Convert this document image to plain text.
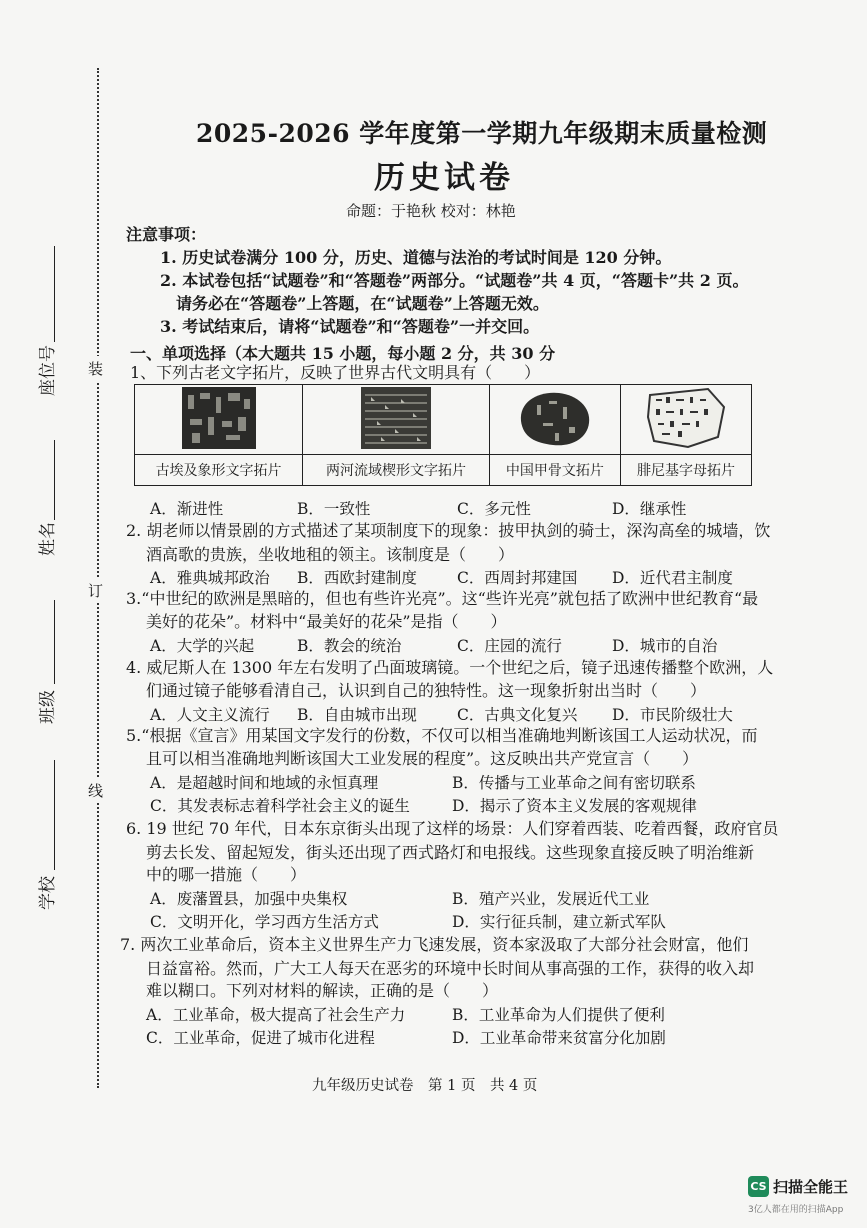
座位号
姓名
班级
学校
装
订
线
2025-2026 学年度第一学期九年级期末质量检测
历史试卷
命题：于艳秋 校对：林艳
注意事项：
1. 历史试卷满分 100 分，历史、道德与法治的考试时间是 120 分钟。
2. 本试卷包括“试题卷”和“答题卷”两部分。“试题卷”共 4 页，“答题卡”共 2 页。
请务必在“答题卷”上答题，在“试题卷”上答题无效。
3. 考试结束后，请将“试题卷”和“答题卷”一并交回。
一、单项选择（本大题共 15 小题，每小题 2 分，共 30 分
1、下列古老文字拓片，反映了世界古代文明具有（　　）

古埃及象形文字拓片	两河流域楔形文字拓片	中国甲骨文拓片	腓尼基字母拓片
A．渐进性	B．一致性	C．多元性	D．继承性
2. 胡老师以情景剧的方式描述了某项制度下的现象：披甲执剑的骑士，深沟高垒的城墙，饮
酒高歌的贵族，坐收地租的领主。该制度是（　　）
A．雅典城邦政治 B．西欧封建制度	C．西周封邦建国 D．近代君主制度
3.“中世纪的欧洲是黑暗的，但也有些许光亮”。这“些许光亮”就包括了欧洲中世纪教育“最
美好的花朵”。材料中“最美好的花朵”是指（　　）
A．大学的兴起	B．教会的统治	C．庄园的流行	D．城市的自治
4. 威尼斯人在 1300 年左右发明了凸面玻璃镜。一个世纪之后，镜子迅速传播整个欧洲，人
们通过镜子能够看清自己，认识到自己的独特性。这一现象折射出当时（　　）
A．人文主义流行 B．自由城市出现	C．古典文化复兴 D．市民阶级壮大
5.“根据《宣言》用某国文字发行的份数，不仅可以相当准确地判断该国工人运动状况，而
且可以相当准确地判断该国大工业发展的程度”。这反映出共产党宣言（　　）
A．是超越时间和地域的永恒真理	B．传播与工业革命之间有密切联系
C．其发表标志着科学社会主义的诞生	D．揭示了资本主义发展的客观规律
6. 19 世纪 70 年代，日本东京街头出现了这样的场景：人们穿着西装、吃着西餐，政府官员
剪去长发、留起短发，街头还出现了西式路灯和电报线。这些现象直接反映了明治维新
中的哪一措施（　　）
A．废藩置县，加强中央集权	B．殖产兴业，发展近代工业
C．文明开化，学习西方生活方式	D．实行征兵制，建立新式军队
7. 两次工业革命后，资本主义世界生产力飞速发展，资本家汲取了大部分社会财富，他们
日益富裕。然而，广大工人每天在恶劣的环境中长时间从事高强的工作，获得的收入却
难以糊口。下列对材料的解读，正确的是（　　）
A．工业革命，极大提高了社会生产力	B．工业革命为人们提供了便利
C．工业革命，促进了城市化进程	D．工业革命带来贫富分化加剧
九年级历史试卷　第 1 页　共 4 页
CS 扫描全能王
3亿人都在用的扫描App
